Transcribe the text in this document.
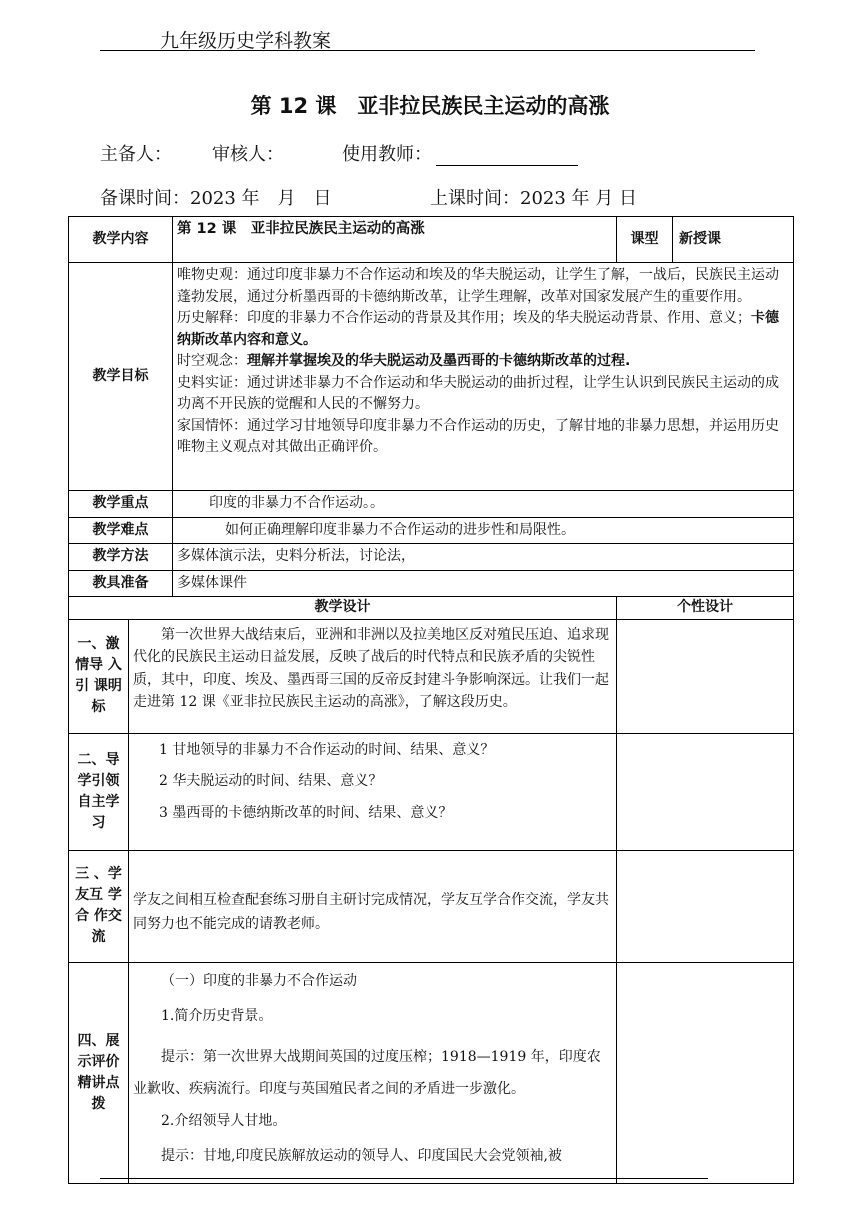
九年级历史学科教案
第 12 课　亚非拉民族民主运动的高涨
主备人： 审核人：	使用教师：
备课时间：2023 年　月　日	上课时间：2023 年 月 日
教学内容		第 12 课　亚非拉民族民主运动的高涨	课型	新授课
教学目标		唯物史观：通过印度非暴力不合作运动和埃及的华夫脱运动，让学生了解，一战后，民族民主运动蓬勃发展，通过分析墨西哥的卡德纳斯改革，让学生理解，改革对国家发展产生的重要作用。

历史解释：印度的非暴力不合作运动的背景及其作用；埃及的华夫脱运动背景、作用、意义；卡德纳斯改革内容和意义。

时空观念：理解并掌握埃及的华夫脱运动及墨西哥的卡德纳斯改革的过程.

史料实证：通过讲述非暴力不合作运动和华夫脱运动的曲折过程，让学生认识到民族民主运动的成功离不开民族的觉醒和人民的不懈努力。

家国情怀：通过学习甘地领导印度非暴力不合作运动的历史，了解甘地的非暴力思想，并运用历史唯物主义观点对其做出正确评价。		

教学重点		印度的非暴力不合作运动。。		
教学难点		如何正确理解印度非暴力不合作运动的进步性和局限性。		
教学方法		多媒体演示法，史料分析法，讨论法，		
教具准备		多媒体课件		
教学设计			个性设计	
一、激 情导 入引 课明标	第一次世界大战结束后，亚洲和非洲以及拉美地区反对殖民压迫、追求现代化的民族民主运动日益发展，反映了战后的时代特点和民族矛盾的尖锐性质，其中，印度、埃及、墨西哥三国的反帝反封建斗争影响深远。让我们一起走进第 12 课《亚非拉民族民主运动的高涨》，了解这段历史。			
二、导学引领自主学习	1 甘地领导的非暴力不合作运动的时间、结果、意义？

2 华夫脱运动的时间、结果、意义？

3 墨西哥的卡德纳斯改革的时间、结果、意义？			

三 、学 友互 学合 作交流	学友之间相互检查配套练习册自主研讨完成情况，学友互学合作交流，学友共同努力也不能完成的请教老师。			
四、展示评价精讲点拨	（一）印度的非暴力不合作运动

1.简介历史背景。

提示：第一次世界大战期间英国的过度压榨；1918—1919 年，印度农业歉收、疾病流行。印度与英国殖民者之间的矛盾进一步激化。

2.介绍领导人甘地。

提示：甘地,印度民族解放运动的领导人、印度国民大会党领袖,被			
